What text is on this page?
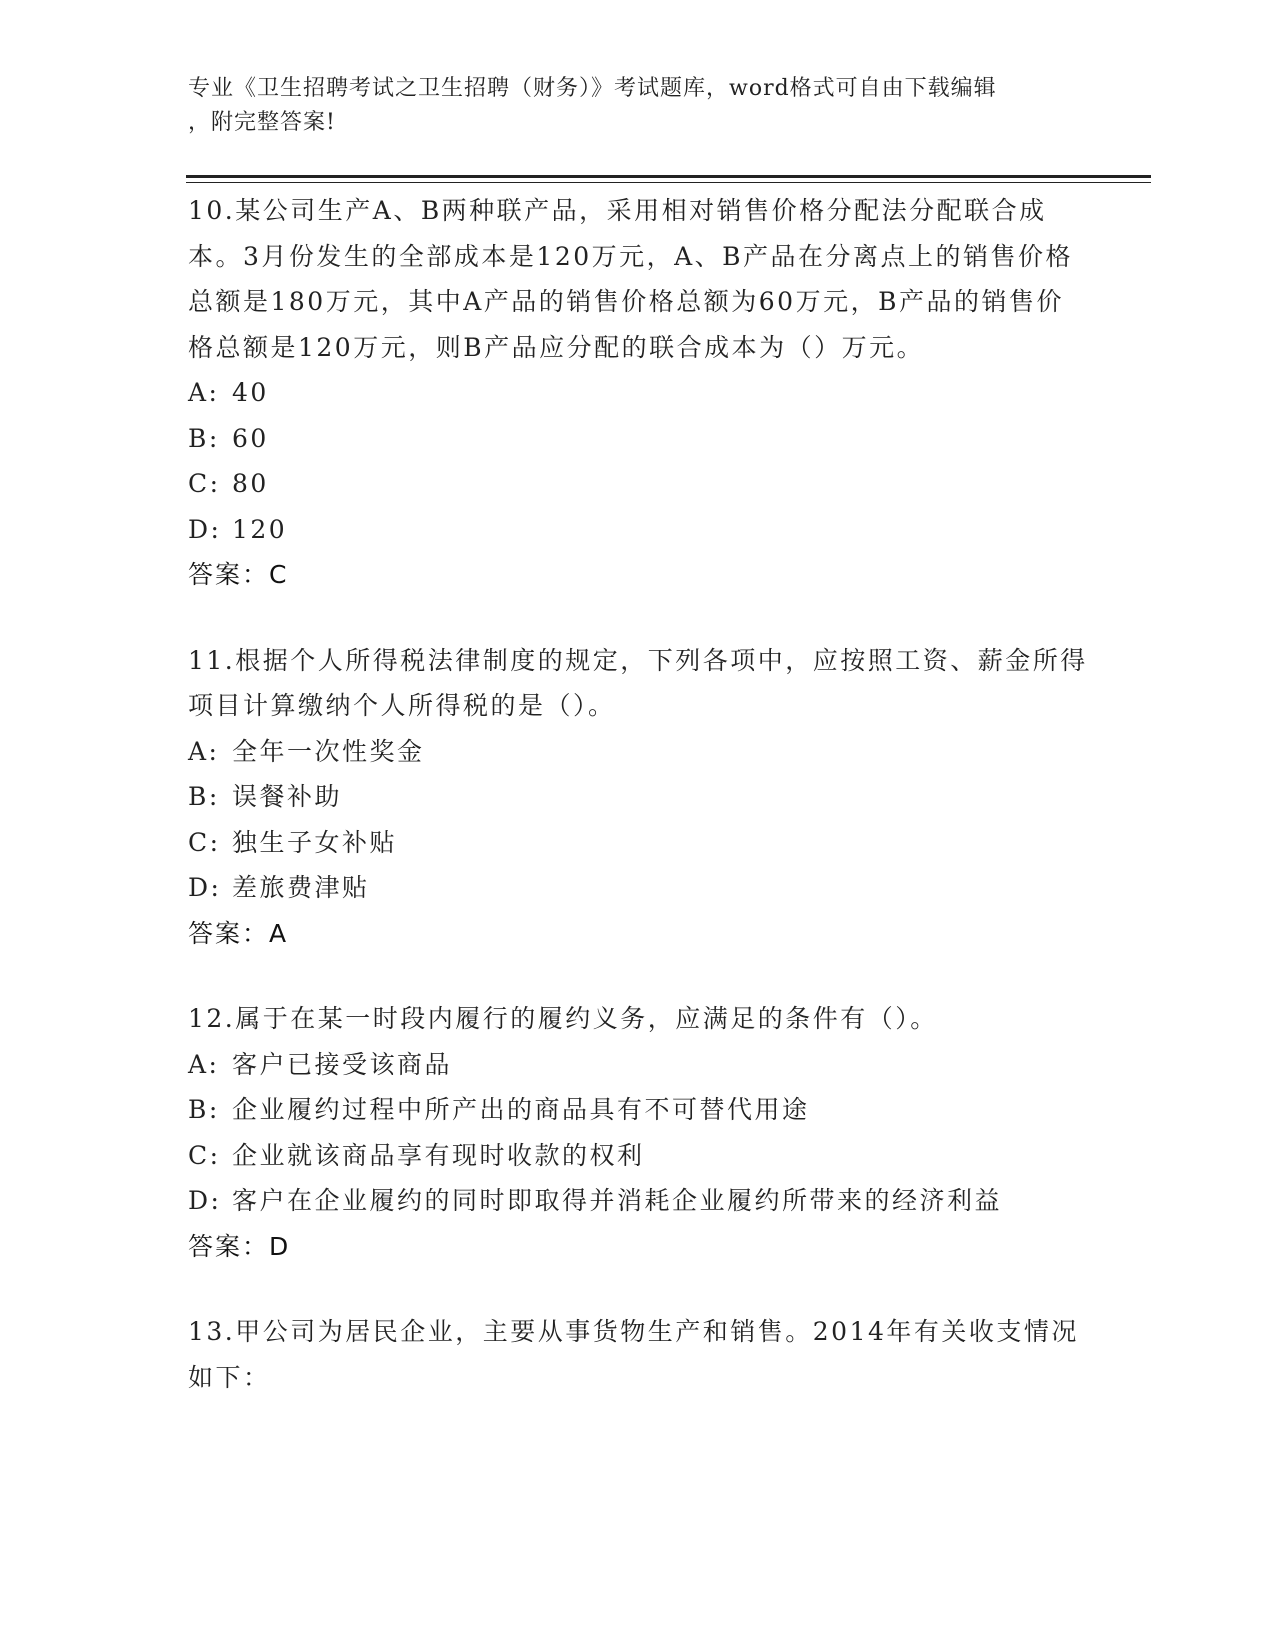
专业《卫生招聘考试之卫生招聘（财务）》考试题库，word格式可自由下载编辑
，附完整答案!

10.某公司生产A、B两种联产品，采用相对销售价格分配法分配联合成本。3月份发生的全部成本是120万元，A、B产品在分离点上的销售价格总额是180万元，其中A产品的销售价格总额为60万元，B产品的销售价格总额是120万元，则B产品应分配的联合成本为（）万元。

A: 40

B: 60

C: 80

D: 120

答案：C

11.根据个人所得税法律制度的规定，下列各项中，应按照工资、薪金所得项目计算缴纳个人所得税的是（）。

A: 全年一次性奖金

B: 误餐补助

C: 独生子女补贴

D: 差旅费津贴

答案：A

12.属于在某一时段内履行的履约义务，应满足的条件有（）。

A: 客户已接受该商品

B: 企业履约过程中所产出的商品具有不可替代用途

C: 企业就该商品享有现时收款的权利

D: 客户在企业履约的同时即取得并消耗企业履约所带来的经济利益

答案：D

13.甲公司为居民企业，主要从事货物生产和销售。2014年有关收支情况如下：
